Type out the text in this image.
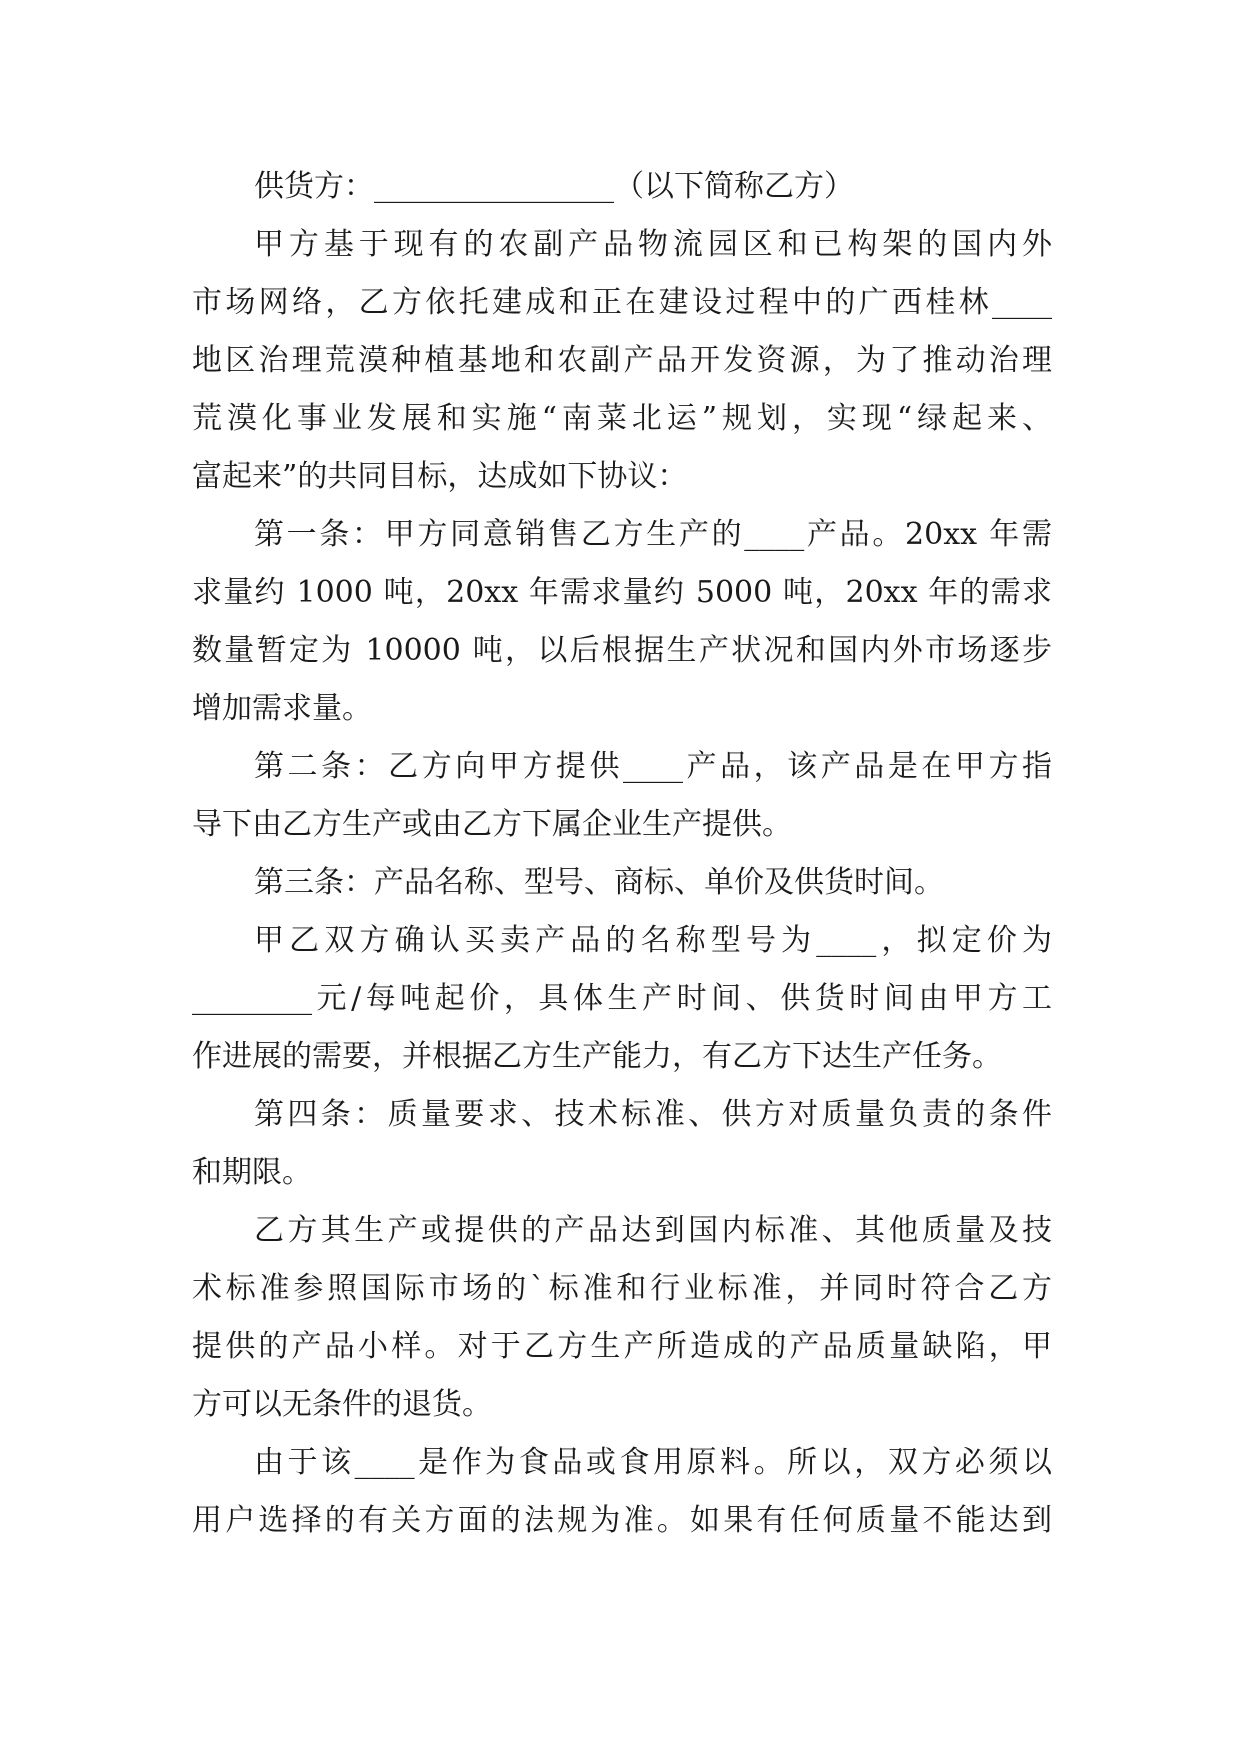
供货方：________________（以下简称乙方）
甲方基于现有的农副产品物流园区和已构架的国内外
市场网络，乙方依托建成和正在建设过程中的广西桂林____
地区治理荒漠种植基地和农副产品开发资源，为了推动治理
荒漠化事业发展和实施“南菜北运”规划，实现“绿起来、
富起来”的共同目标，达成如下协议：
第一条：甲方同意销售乙方生产的____产品。20xx 年需
求量约 1000 吨，20xx 年需求量约 5000 吨，20xx 年的需求
数量暂定为 10000 吨，以后根据生产状况和国内外市场逐步
增加需求量。
第二条：乙方向甲方提供____产品，该产品是在甲方指
导下由乙方生产或由乙方下属企业生产提供。
第三条：产品名称、型号、商标、单价及供货时间。
甲乙双方确认买卖产品的名称型号为____，拟定价为
________元/每吨起价，具体生产时间、供货时间由甲方工
作进展的需要，并根据乙方生产能力，有乙方下达生产任务。
第四条：质量要求、技术标准、供方对质量负责的条件
和期限。
乙方其生产或提供的产品达到国内标准、其他质量及技
术标准参照国际市场的`标准和行业标准，并同时符合乙方
提供的产品小样。对于乙方生产所造成的产品质量缺陷，甲
方可以无条件的退货。
由于该____是作为食品或食用原料。所以，双方必须以
用户选择的有关方面的法规为准。如果有任何质量不能达到
